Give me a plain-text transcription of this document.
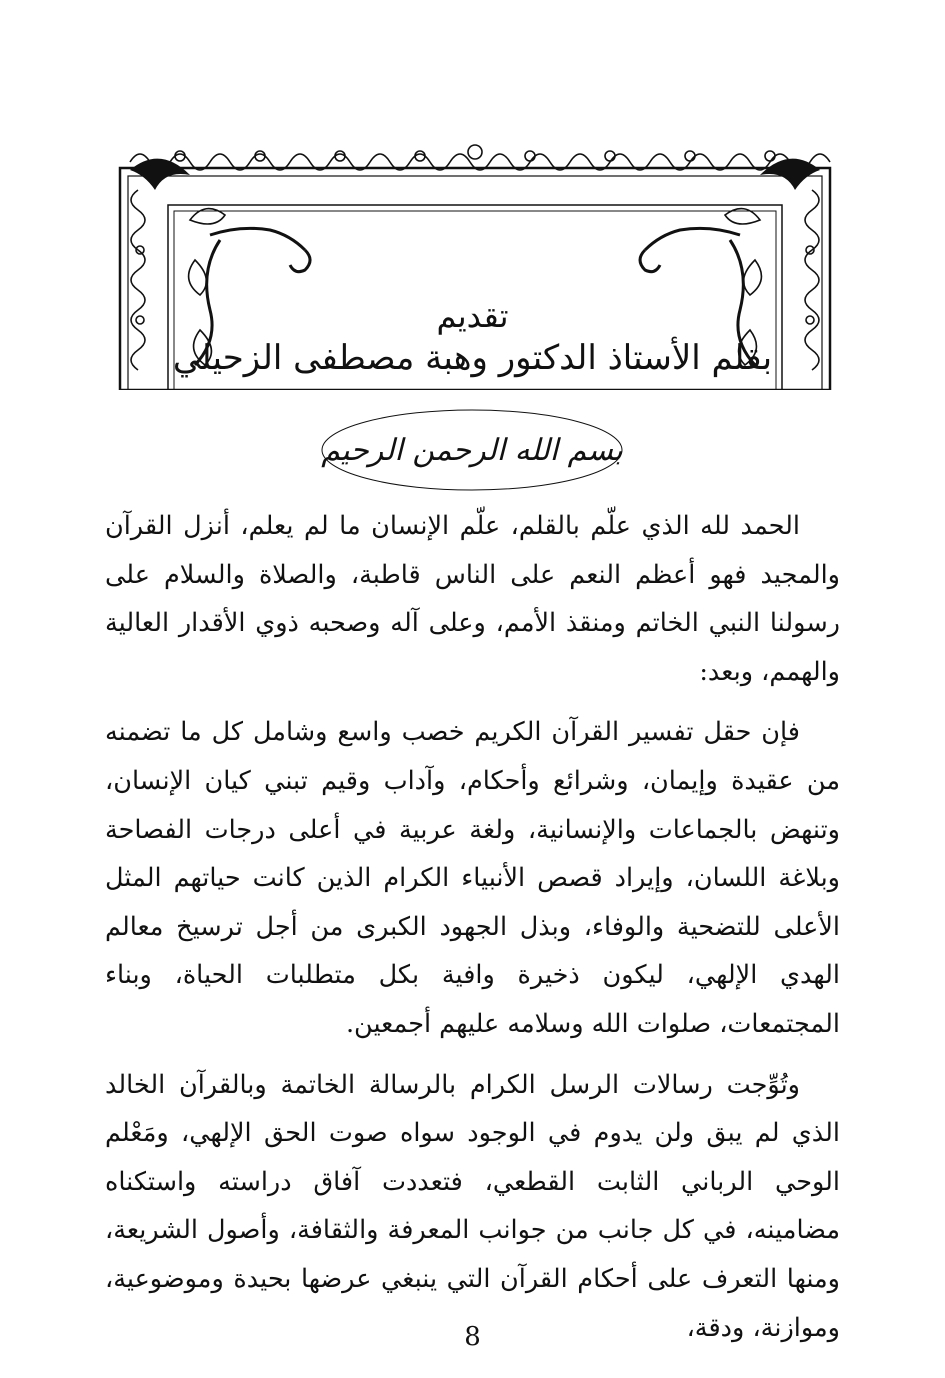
تقديم
بقلم الأستاذ الدكتور وهبة مصطفى الزحيلي
بسم الله الرحمن الرحيم

الحمد لله الذي علّم بالقلم، علّم الإنسان ما لم يعلم، أنزل القرآن والمجيد فهو أعظم النعم على الناس قاطبة، والصلاة والسلام على رسولنا النبي الخاتم ومنقذ الأمم، وعلى آله وصحبه ذوي الأقدار العالية والهمم، وبعد:

فإن حقل تفسير القرآن الكريم خصب واسع وشامل كل ما تضمنه من عقيدة وإيمان، وشرائع وأحكام، وآداب وقيم تبني كيان الإنسان، وتنهض بالجماعات والإنسانية، ولغة عربية في أعلى درجات الفصاحة وبلاغة اللسان، وإيراد قصص الأنبياء الكرام الذين كانت حياتهم المثل الأعلى للتضحية والوفاء، وبذل الجهود الكبرى من أجل ترسيخ معالم الهدي الإلهي، ليكون ذخيرة وافية بكل متطلبات الحياة، وبناء المجتمعات، صلوات الله وسلامه عليهم أجمعين.

وتُوِّجت رسالات الرسل الكرام بالرسالة الخاتمة وبالقرآن الخالد الذي لم يبق ولن يدوم في الوجود سواه صوت الحق الإلهي، ومَعْلم الوحي الرباني الثابت القطعي، فتعددت آفاق دراسته واستكناه مضامينه، في كل جانب من جوانب المعرفة والثقافة، وأصول الشريعة، ومنها التعرف على أحكام القرآن التي ينبغي عرضها بحيدة وموضوعية، وموازنة، ودقة،

8
